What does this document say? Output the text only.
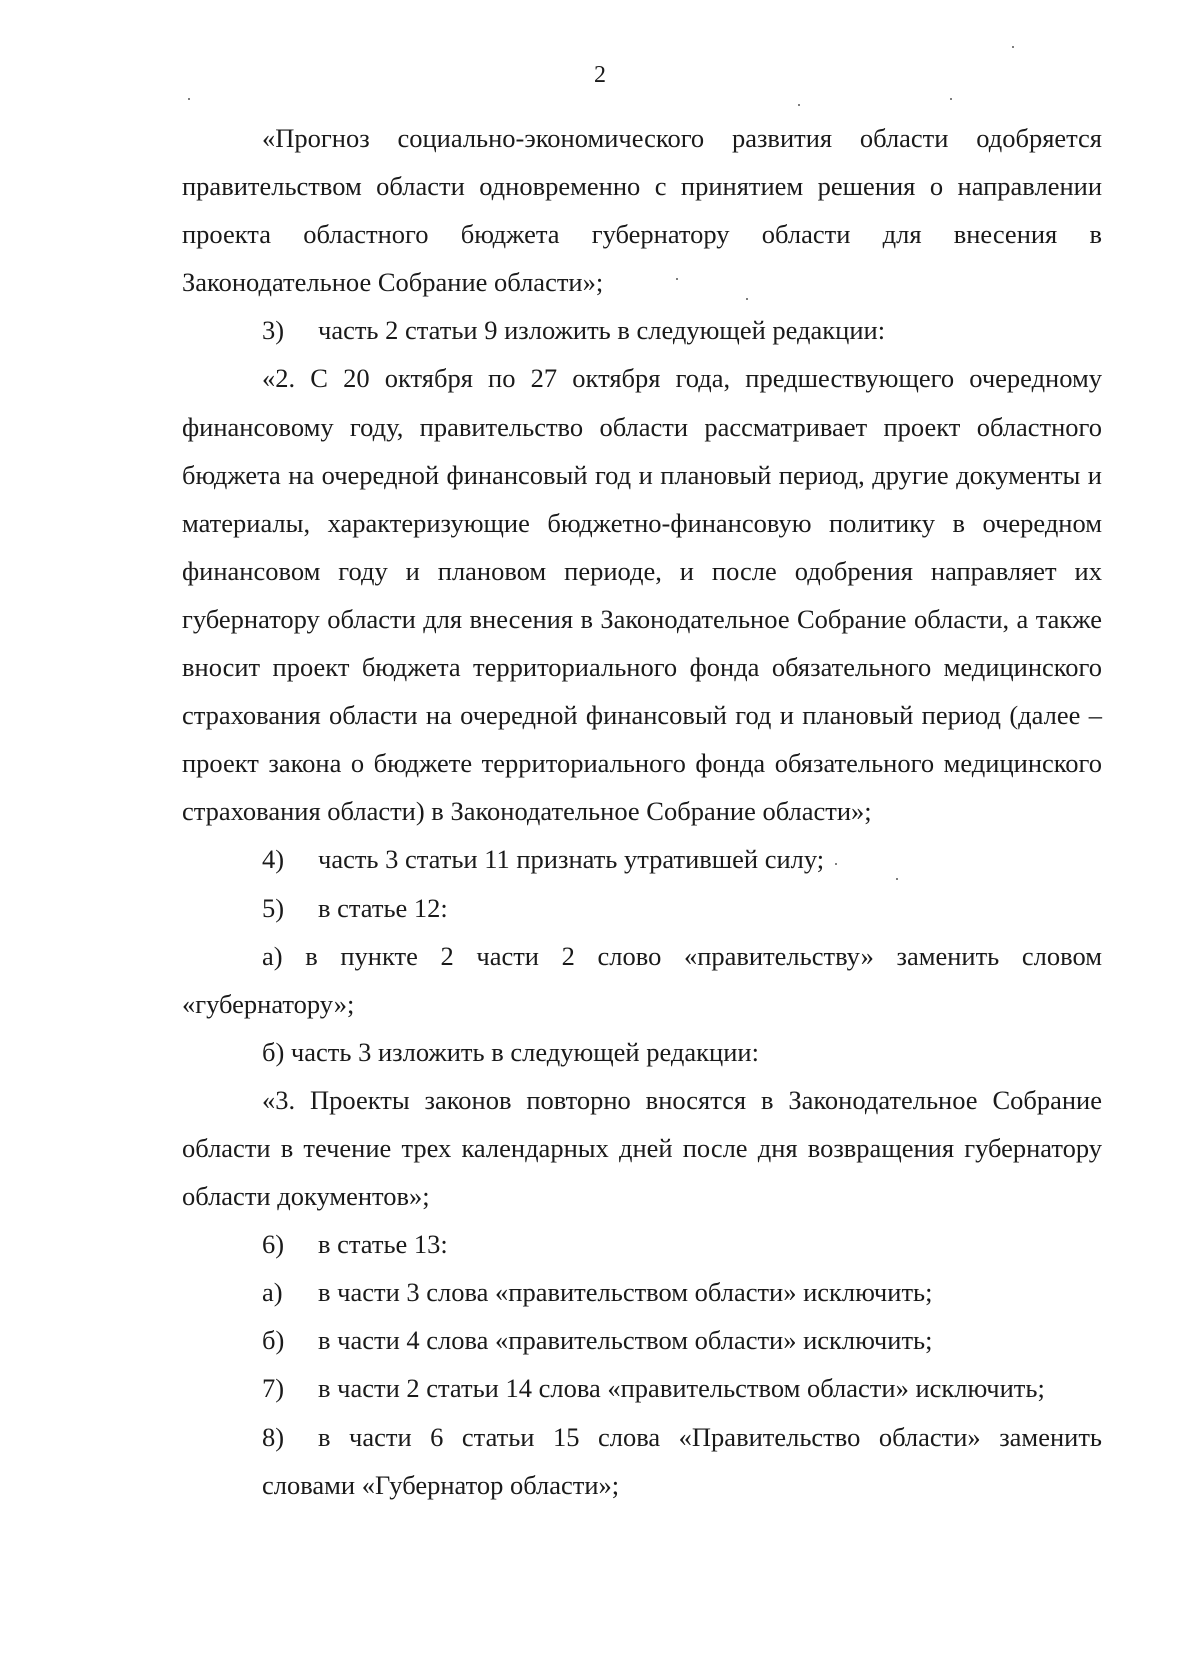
2

«Прогноз социально-экономического развития области одобряется правительством области одновременно с принятием решения о направлении проекта областного бюджета губернатору области для внесения в Законодательное Собрание области»;

3) часть 2 статьи 9 изложить в следующей редакции:

«2. С 20 октября по 27 октября года, предшествующего очередному финансовому году, правительство области рассматривает проект областного бюджета на очередной финансовый год и плановый период, другие документы и материалы, характеризующие бюджетно-финансовую политику в очередном финансовом году и плановом периоде, и после одобрения направляет их губернатору области для внесения в Законодательное Собрание области, а также вносит проект бюджета территориального фонда обязательного медицинского страхования области на очередной финансовый год и плановый период (далее – проект закона о бюджете территориального фонда обязательного медицинского страхования области) в Законодательное Собрание области»;

4) часть 3 статьи 11 признать утратившей силу;

5) в статье 12:

а) в пункте 2 части 2 слово «правительству» заменить словом «губернатору»;

б) часть 3 изложить в следующей редакции:

«3. Проекты законов повторно вносятся в Законодательное Собрание области в течение трех календарных дней после дня возвращения губернатору области документов»;

6) в статье 13:

а) в части 3 слова «правительством области» исключить;

б) в части 4 слова «правительством области» исключить;

7) в части 2 статьи 14 слова «правительством области» исключить;

8) в части 6 статьи 15 слова «Правительство области» заменить словами «Губернатор области»;
